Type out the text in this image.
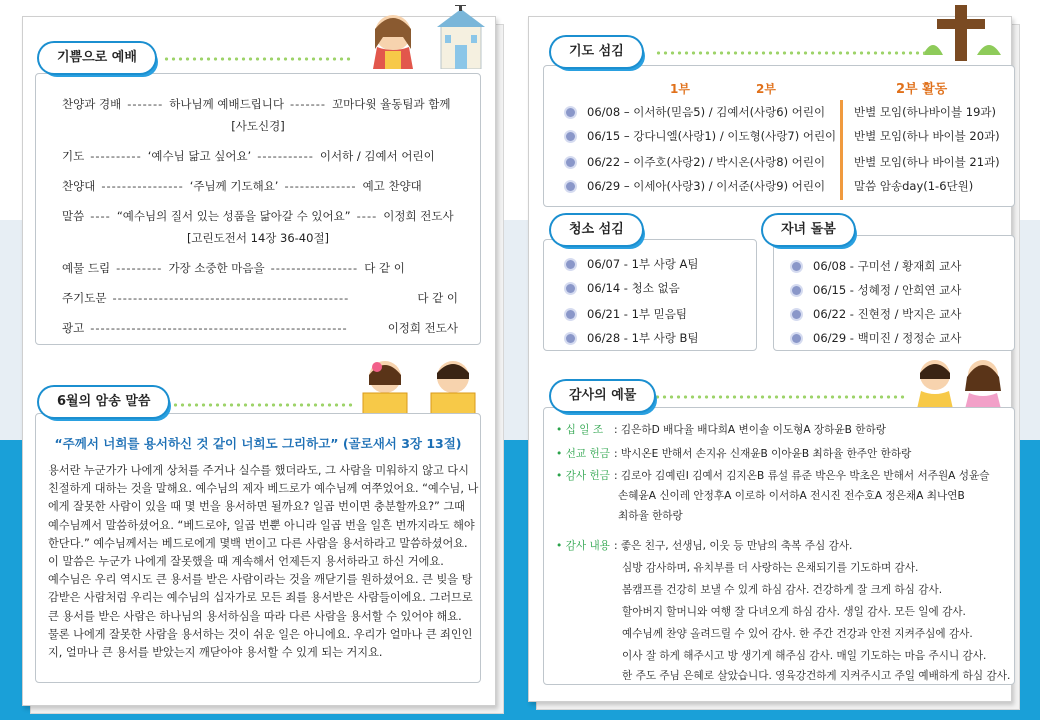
기쁨으로 예배
찬양과 경배 ------- 하나님께 예배드립니다 ------- 꼬마다윗 율동팀과 함께
[사도신경]
기도 ---------- ‘예수님 닮고 싶어요’ ----------- 이서하 / 김예서 어린이
찬양대 ---------------- ‘주님께 기도해요’ -------------- 예고 찬양대
말씀 ---- “예수님의 질서 있는 성품을 닮아갈 수 있어요” ---- 이정희 전도사
[고린도전서 14장 36-40절]
예물 드림 --------- 가장 소중한 마음을 ----------------- 다 같 이
주기도문 ----------------------------------------------	다 같 이
광고 --------------------------------------------------	이정희 전도사
6월의 암송 말씀
“주께서 너희를 용서하신 것 같이 너희도 그리하고” (골로새서 3장 13절)
용서란 누군가가 나에게 상처를 주거나 실수를 했더라도, 그 사람을 미워하지 않고 다시
친절하게 대하는 것을 말해요. 예수님의 제자 베드로가 예수님께 여쭈었어요. “예수님, 나
에게 잘못한 사람이 있을 때 몇 번을 용서하면 될까요? 일곱 번이면 충분할까요?” 그때
예수님께서 말씀하셨어요. “베드로야, 일곱 번뿐 아니라 일곱 번을 일흔 번까지라도 해야
한단다.” 예수님께서는 베드로에게 몇백 번이고 다른 사람을 용서하라고 말씀하셨어요.
이 말씀은 누군가 나에게 잘못했을 때 계속해서 언제든지 용서하라고 하신 거에요.
예수님은 우리 역시도 큰 용서를 받은 사람이라는 것을 깨닫기를 원하셨어요. 큰 빚을 탕
감받은 사람처럼 우리는 예수님의 십자가로 모든 죄를 용서받은 사람들이에요. 그러므로
큰 용서를 받은 사람은 하나님의 용서하심을 따라 다른 사람을 용서할 수 있어야 해요.
물론 나에게 잘못한 사람을 용서하는 것이 쉬운 일은 아니에요. 우리가 얼마나 큰 죄인인
지, 얼마나 큰 용서를 받았는지 깨닫아야 용서할 수 있게 되는 거지요.
기도 섬김
1부	2부	2부 활동
06/08 – 이서하(믿음5) / 김예서(사랑6) 어린이	반별 모임(하나바이블 19과)
06/15 – 강다니엘(사랑1) / 이도형(사랑7) 어린이 반별 모임(하나 바이블 20과)
06/22 – 이주호(사랑2) / 박시온(사랑8) 어린이	반별 모임(하나 바이블 21과)
06/29 – 이세아(사랑3) / 이서준(사랑9) 어린이	말씀 암송day(1-6단원)
청소 섬김
06/07 - 1부 사랑 A팀
06/14 - 청소 없음
06/21 - 1부 믿음팀
06/28 - 1부 사랑 B팀
자녀 돌봄
06/08 - 구미선 / 황재희 교사
06/15 - 성혜정 / 안희연 교사
06/22 - 진현정 / 박지은 교사
06/29 - 백미진 / 정정순 교사
감사의 예물
• 십 일 조 : 김은하D 배다율 배다희A 변이솔 이도형A 장하윤B 한하랑
• 선교 헌금 : 박시온E 반해서 손지유 신재윤B 이아윤B 최하율 한주안 한하랑
• 감사 헌금 : 김로아 김예린I 김예서 김지온B 류설 류준 박은우 박초은 반해서 서주원A 성윤슬
손혜윤A 신이레 안정후A 이로하 이서하A 전시진 전수호A 정은채A 최나연B
최하율 한하랑
• 감사 내용 : 좋은 친구, 선생님, 이웃 등 만남의 축복 주심 감사.
심방 감사하며, 유치부를 더 사랑하는 은채되기를 기도하며 감사.
봄캠프를 건강히 보낼 수 있게 하심 감사. 건강하게 잘 크게 하심 감사.
할아버지 할머니와 여행 잘 다녀오게 하심 감사. 생일 감사. 모든 일에 감사.
예수님께 찬양 올려드릴 수 있어 감사. 한 주간 건강과 안전 지켜주심에 감사.
이사 잘 하게 해주시고 방 생기게 해주심 감사. 매일 기도하는 마음 주시니 감사.
한 주도 주님 은혜로 살았습니다. 영육강건하게 지켜주시고 주일 예배하게 하심 감사.
